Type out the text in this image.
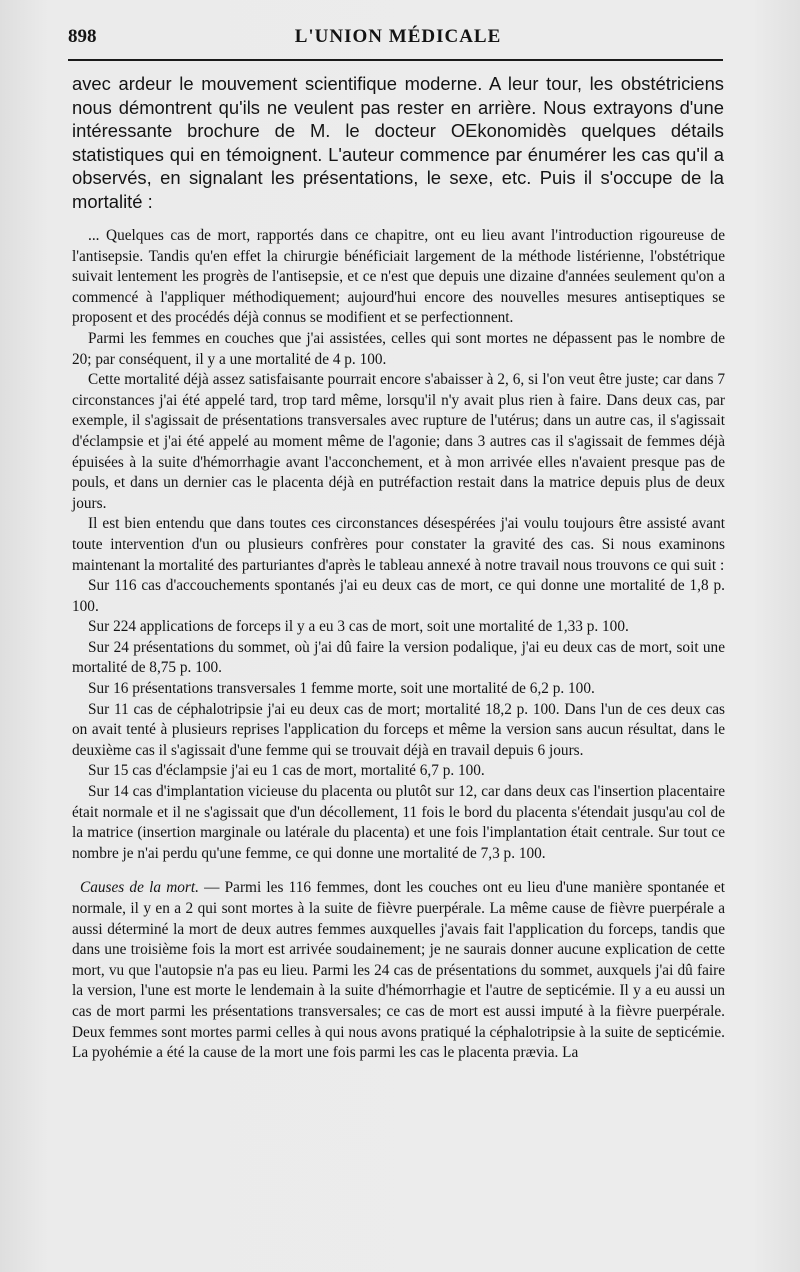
898	L'UNION MÉDICALE

avec ardeur le mouvement scientifique moderne. A leur tour, les obstétriciens nous démontrent qu'ils ne veulent pas rester en arrière. Nous extrayons d'une intéressante brochure de M. le docteur OEkonomidès quelques détails statistiques qui en témoignent. L'auteur commence par énumérer les cas qu'il a observés, en signalant les présentations, le sexe, etc. Puis il s'occupe de la mortalité :

... Quelques cas de mort, rapportés dans ce chapitre, ont eu lieu avant l'introduction rigoureuse de l'antisepsie. Tandis qu'en effet la chirurgie bénéficiait largement de la méthode listérienne, l'obstétrique suivait lentement les progrès de l'antisepsie, et ce n'est que depuis une dizaine d'années seulement qu'on a commencé à l'appliquer méthodiquement; aujourd'hui encore des nouvelles mesures antiseptiques se proposent et des procédés déjà connus se modifient et se perfectionnent.

Parmi les femmes en couches que j'ai assistées, celles qui sont mortes ne dépassent pas le nombre de 20; par conséquent, il y a une mortalité de 4 p. 100.

Cette mortalité déjà assez satisfaisante pourrait encore s'abaisser à 2, 6, si l'on veut être juste; car dans 7 circonstances j'ai été appelé tard, trop tard même, lorsqu'il n'y avait plus rien à faire. Dans deux cas, par exemple, il s'agissait de présentations transversales avec rupture de l'utérus; dans un autre cas, il s'agissait d'éclampsie et j'ai été appelé au moment même de l'agonie; dans 3 autres cas il s'agissait de femmes déjà épuisées à la suite d'hémorrhagie avant l'acconchement, et à mon arrivée elles n'avaient presque pas de pouls, et dans un dernier cas le placenta déjà en putréfaction restait dans la matrice depuis plus de deux jours.

Il est bien entendu que dans toutes ces circonstances désespérées j'ai voulu toujours être assisté avant toute intervention d'un ou plusieurs confrères pour constater la gravité des cas. Si nous examinons maintenant la mortalité des parturiantes d'après le tableau annexé à notre travail nous trouvons ce qui suit :

Sur 116 cas d'accouchements spontanés j'ai eu deux cas de mort, ce qui donne une mortalité de 1,8 p. 100.

Sur 224 applications de forceps il y a eu 3 cas de mort, soit une mortalité de 1,33 p. 100.

Sur 24 présentations du sommet, où j'ai dû faire la version podalique, j'ai eu deux cas de mort, soit une mortalité de 8,75 p. 100.

Sur 16 présentations transversales 1 femme morte, soit une mortalité de 6,2 p. 100.

Sur 11 cas de céphalotripsie j'ai eu deux cas de mort; mortalité 18,2 p. 100. Dans l'un de ces deux cas on avait tenté à plusieurs reprises l'application du forceps et même la version sans aucun résultat, dans le deuxième cas il s'agissait d'une femme qui se trouvait déjà en travail depuis 6 jours.

Sur 15 cas d'éclampsie j'ai eu 1 cas de mort, mortalité 6,7 p. 100.

Sur 14 cas d'implantation vicieuse du placenta ou plutôt sur 12, car dans deux cas l'insertion placentaire était normale et il ne s'agissait que d'un décollement, 11 fois le bord du placenta s'étendait jusqu'au col de la matrice (insertion marginale ou latérale du placenta) et une fois l'implantation était centrale. Sur tout ce nombre je n'ai perdu qu'une femme, ce qui donne une mortalité de 7,3 p. 100.

Causes de la mort. — Parmi les 116 femmes, dont les couches ont eu lieu d'une manière spontanée et normale, il y en a 2 qui sont mortes à la suite de fièvre puerpérale. La même cause de fièvre puerpérale a aussi déterminé la mort de deux autres femmes auxquelles j'avais fait l'application du forceps, tandis que dans une troisième fois la mort est arrivée soudainement; je ne saurais donner aucune explication de cette mort, vu que l'autopsie n'a pas eu lieu. Parmi les 24 cas de présentations du sommet, auxquels j'ai dû faire la version, l'une est morte le lendemain à la suite d'hémorrhagie et l'autre de septicémie. Il y a eu aussi un cas de mort parmi les présentations transversales; ce cas de mort est aussi imputé à la fièvre puerpérale. Deux femmes sont mortes parmi celles à qui nous avons pratiqué la céphalotripsie à la suite de septicémie. La pyohémie a été la cause de la mort une fois parmi les cas le placenta prævia. La
